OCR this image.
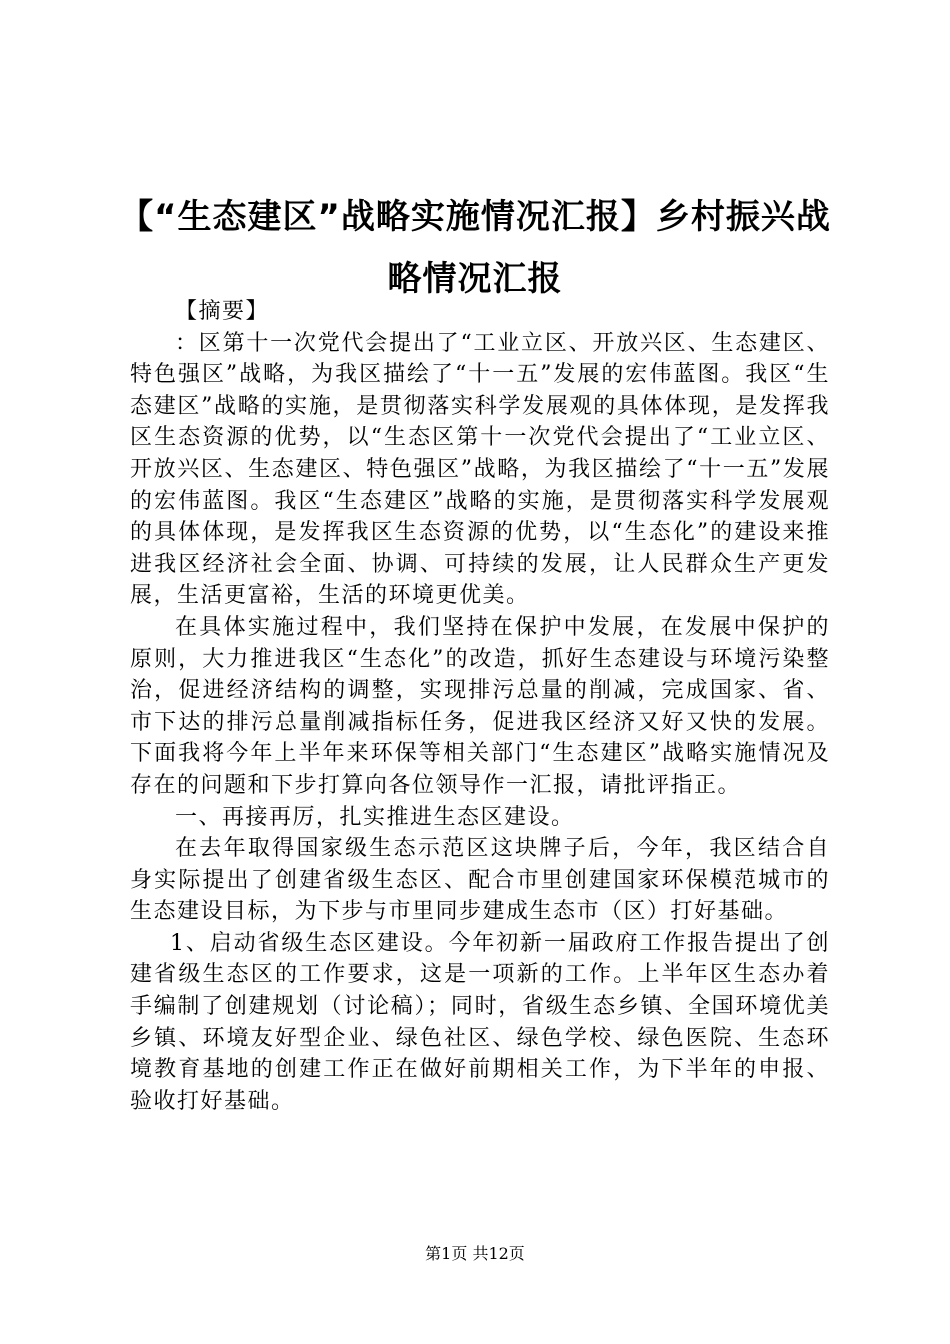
【“生态建区”战略实施情况汇报】乡村振兴战略情况汇报

【摘要】

：区第十一次党代会提出了“工业立区、开放兴区、生态建区、特色强区”战略，为我区描绘了“十一五”发展的宏伟蓝图。我区“生态建区”战略的实施，是贯彻落实科学发展观的具体体现，是发挥我区生态资源的优势，以“生态区第十一次党代会提出了“工业立区、开放兴区、生态建区、特色强区”战略，为我区描绘了“十一五”发展的宏伟蓝图。我区“生态建区”战略的实施，是贯彻落实科学发展观的具体体现，是发挥我区生态资源的优势，以“生态化”的建设来推进我区经济社会全面、协调、可持续的发展，让人民群众生产更发展，生活更富裕，生活的环境更优美。

在具体实施过程中，我们坚持在保护中发展，在发展中保护的原则，大力推进我区“生态化”的改造，抓好生态建设与环境污染整治，促进经济结构的调整，实现排污总量的削减，完成国家、省、市下达的排污总量削减指标任务，促进我区经济又好又快的发展。下面我将今年上半年来环保等相关部门“生态建区”战略实施情况及存在的问题和下步打算向各位领导作一汇报，请批评指正。

一、再接再厉，扎实推进生态区建设。

在去年取得国家级生态示范区这块牌子后，今年，我区结合自身实际提出了创建省级生态区、配合市里创建国家环保模范城市的生态建设目标，为下步与市里同步建成生态市（区）打好基础。

1、启动省级生态区建设。今年初新一届政府工作报告提出了创建省级生态区的工作要求，这是一项新的工作。上半年区生态办着手编制了创建规划（讨论稿）；同时，省级生态乡镇、全国环境优美乡镇、环境友好型企业、绿色社区、绿色学校、绿色医院、生态环境教育基地的创建工作正在做好前期相关工作，为下半年的申报、验收打好基础。

第1页 共12页
